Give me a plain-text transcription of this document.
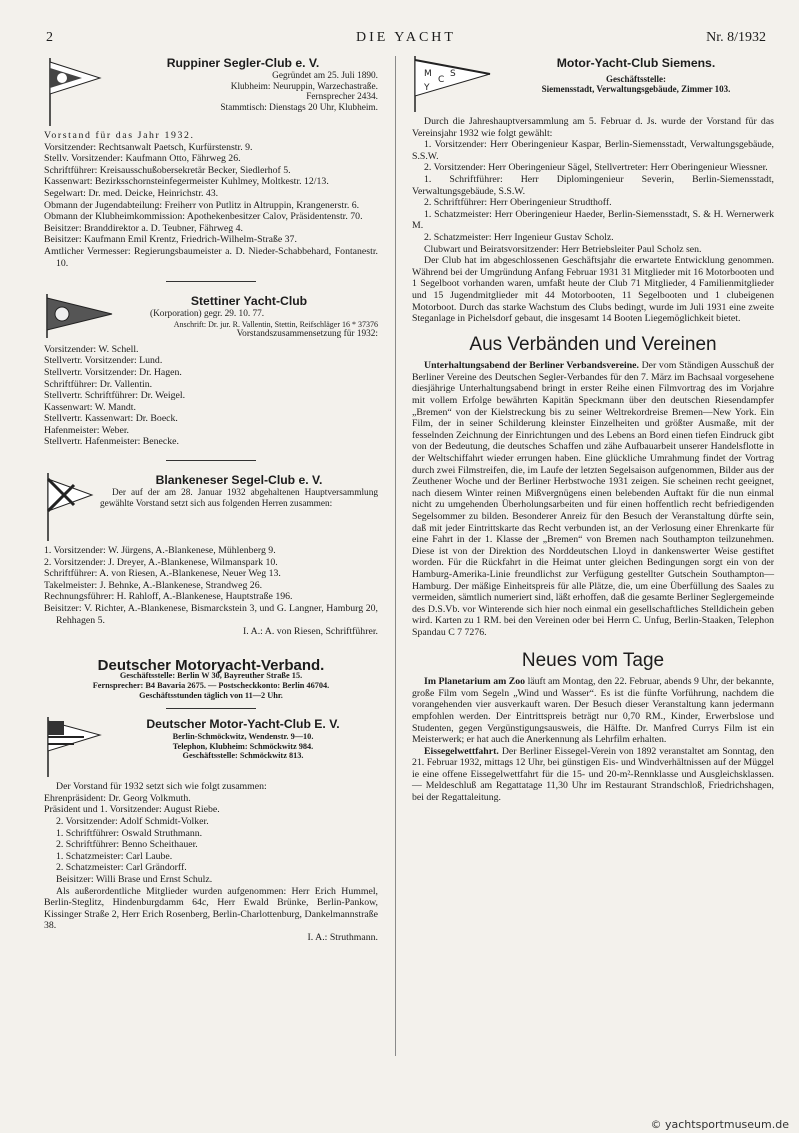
2	DIE YACHT	Nr. 8/1932
Ruppiner Segler-Club e. V.
Gegründet am 25. Juli 1890.
Klubheim: Neuruppin, Warzechastraße.
Fernsprecher 2434.
Stammtisch: Dienstags 20 Uhr, Klubheim.

Vorstand für das Jahr 1932.

Vorsitzender: Rechtsanwalt Paetsch, Kurfürstenstr. 9.

Stellv. Vorsitzender: Kaufmann Otto, Fährweg 26.

Schriftführer: Kreisausschußobersekretär Becker, Siedlerhof 5.

Kassenwart: Bezirksschornsteinfegermeister Kuhlmey, Moltkestr. 12/13.

Segelwart: Dr. med. Deicke, Heinrichstr. 43.

Obmann der Jugendabteilung: Freiherr von Putlitz in Altruppin, Krangenerstr. 6.

Obmann der Klubheimkommission: Apothekenbesitzer Calov, Präsidentenstr. 70.

Beisitzer: Branddirektor a. D. Teubner, Fährweg 4.

Beisitzer: Kaufmann Emil Krentz, Friedrich-Wilhelm-Straße 37.

Amtlicher Vermesser: Regierungsbaumeister a. D. Nieder-Schabbehard, Fontanestr. 10.

Stettiner Yacht-Club
(Korporation) gegr. 29. 10. 77.
Anschrift: Dr. jur. R. Vallentin, Stettin, Reifschläger 16 * 37376
Vorstandszusammensetzung für 1932:

Vorsitzender: W. Schell.

Stellvertr. Vorsitzender: Lund.

Stellvertr. Vorsitzender: Dr. Hagen.

Schriftführer: Dr. Vallentin.

Stellvertr. Schriftführer: Dr. Weigel.

Kassenwart: W. Mandt.

Stellvertr. Kassenwart: Dr. Boeck.

Hafenmeister: Weber.

Stellvertr. Hafenmeister: Benecke.

Blankeneser Segel-Club e. V.
Der auf der am 28. Januar 1932 abgehaltenen Hauptversammlung gewählte Vorstand setzt sich aus folgenden Herren zusammen:

1. Vorsitzender: W. Jürgens, A.-Blankenese, Mühlenberg 9.

2. Vorsitzender: J. Dreyer, A.-Blankenese, Wilmanspark 10.

Schriftführer: A. von Riesen, A.-Blankenese, Neuer Weg 13.

Takelmeister: J. Behnke, A.-Blankenese, Strandweg 26.

Rechnungsführer: H. Rahloff, A.-Blankenese, Hauptstraße 196.

Beisitzer: V. Richter, A.-Blankenese, Bismarckstein 3, und G. Langner, Hamburg 20, Rehhagen 5.

I. A.: A. von Riesen, Schriftführer.

Deutscher Motoryacht-Verband.
Geschäftsstelle: Berlin W 30, Bayreuther Straße 15.
Fernsprecher: B4 Bavaria 2675. — Postscheckkonto: Berlin 46704.
Geschäftsstunden täglich von 11—2 Uhr.
Deutscher Motor-Yacht-Club E. V.
Berlin-Schmöckwitz, Wendenstr. 9—10.
Telephon, Klubheim: Schmöckwitz 984.
Geschäftsstelle: Schmöckwitz 813.

Der Vorstand für 1932 setzt sich wie folgt zusammen:

Ehrenpräsident: Dr. Georg Volkmuth.

Präsident und 1. Vorsitzender: August Riebe.

2. Vorsitzender: Adolf Schmidt-Volker.

1. Schriftführer: Oswald Struthmann.

2. Schriftführer: Benno Scheithauer.

1. Schatzmeister: Carl Laube.

2. Schatzmeister: Carl Grändorff.

Beisitzer: Willi Brase und Ernst Schulz.

Als außerordentliche Mitglieder wurden aufgenommen: Herr Erich Hummel, Berlin-Steglitz, Hindenburgdamm 64c, Herr Ewald Brünke, Berlin-Pankow, Kissinger Straße 2, Herr Erich Rosenberg, Berlin-Charlottenburg, Dankelmannstraße 38.

I. A.: Struthmann.

M
C
Y
S
Motor-Yacht-Club Siemens.
Geschäftsstelle:
Siemensstadt, Verwaltungsgebäude, Zimmer 103.

Durch die Jahreshauptversammlung am 5. Februar d. Js. wurde der Vorstand für das Vereinsjahr 1932 wie folgt gewählt:

1. Vorsitzender: Herr Oberingenieur Kaspar, Berlin-Siemensstadt, Verwaltungsgebäude, S.S.W.

2. Vorsitzender: Herr Oberingenieur Sägel, Stellvertreter: Herr Oberingenieur Wiessner.

1. Schriftführer: Herr Diplomingenieur Severin, Berlin-Siemensstadt, Verwaltungsgebäude, S.S.W.

2. Schriftführer: Herr Oberingenieur Strudthoff.

1. Schatzmeister: Herr Oberingenieur Haeder, Berlin-Siemensstadt, S. & H. Wernerwerk M.

2. Schatzmeister: Herr Ingenieur Gustav Scholz.

Clubwart und Beiratsvorsitzender: Herr Betriebsleiter Paul Scholz sen.

Der Club hat im abgeschlossenen Geschäftsjahr die erwartete Entwicklung genommen. Während bei der Umgründung Anfang Februar 1931 31 Mitglieder mit 16 Motorbooten und 1 Segelboot vorhanden waren, umfaßt heute der Club 71 Mitglieder, 4 Familienmitglieder und 15 Jugendmitglieder mit 44 Motorbooten, 11 Segelbooten und 1 clubeigenen Motorboot. Durch das starke Wachstum des Clubs bedingt, wurde im Juli 1931 eine zweite Steganlage in Pichelsdorf gebaut, die insgesamt 14 Booten Liegemöglichkeit bietet.

Aus Verbänden und Vereinen

Unterhaltungsabend der Berliner Verbandsvereine. Der vom Ständigen Ausschuß der Berliner Vereine des Deutschen Segler-Verbandes für den 7. März im Bachsaal vorgesehene diesjährige Unterhaltungsabend bringt in erster Reihe einen Filmvortrag des im Vorjahre mit vollem Erfolge bewährten Kapitän Speckmann über den deutschen Riesendampfer „Bremen“ von der Kielstreckung bis zu seiner Weltrekordreise Bremen—New York. Ein Film, der in seiner Schilderung kleinster Einzelheiten und größter Ausmaße, mit der fesselnden Zeichnung der Einrichtungen und des Lebens an Bord einen tiefen Eindruck gibt von der Bedeutung, die deutsches Schaffen und zähe Aufbauarbeit unserer Handelsflotte in der Weltschiffahrt wieder errungen haben. Eine glückliche Umrahmung findet der Vortrag durch zwei Filmstreifen, die, im Laufe der letzten Segelsaison aufgenommen, Bilder aus der Zeuthener Woche und der Berliner Herbstwoche 1931 zeigen. Sie scheinen recht geeignet, nach diesem Winter reinen Mißvergnügens einen belebenden Auftakt für die nun einmal nicht zu umgehenden Überholungsarbeiten und für einen hoffentlich recht befriedigenden Segelsommer zu bilden. Besonderer Anreiz für den Besuch der Veranstaltung dürfte sein, daß mit jeder Eintrittskarte das Recht verbunden ist, an der Verlosung einer Ehrenkarte für eine Fahrt in der 1. Klasse der „Bremen“ von Bremen nach Southampton teilzunehmen. Diese ist von der Direktion des Norddeutschen Lloyd in dankenswerter Weise gestiftet worden. Für die Rückfahrt in die Heimat unter gleichen Bedingungen sorgt ein von der Hamburg-Amerika-Linie freundlichst zur Verfügung gestellter Gutschein Southampton—Hamburg. Der mäßige Einheitspreis für alle Plätze, die, um eine Überfüllung des Saales zu vermeiden, sämtlich numeriert sind, läßt erhoffen, daß die gesamte Berliner Seglergemeinde des D.S.Vb. vor Winterende sich hier noch einmal ein gesellschaftliches Stelldichein geben wird. Karten zu 1 RM. bei den Vereinen oder bei Herrn C. Unfug, Berlin-Staaken, Telephon Spandau C 7 7276.

Neues vom Tage

Im Planetarium am Zoo läuft am Montag, den 22. Februar, abends 9 Uhr, der bekannte, große Film vom Segeln „Wind und Wasser“. Es ist die fünfte Vorführung, nachdem die vorangehenden vier ausverkauft waren. Der Besuch dieser Veranstaltung kann jedermann empfohlen werden. Der Eintrittspreis beträgt nur 0,70 RM., Kinder, Erwerbslose und Studenten, gegen Vergünstigungsausweis, die Hälfte. Dr. Manfred Currys Film ist ein Meisterwerk; er hat auch die Anerkennung als Lehrfilm erhalten.

Eissegelwettfahrt. Der Berliner Eissegel-Verein von 1892 veranstaltet am Sonntag, den 21. Februar 1932, mittags 12 Uhr, bei günstigen Eis- und Windverhältnissen auf der Müggel ie eine offene Eissegelwettfahrt für die 15- und 20-m²-Rennklasse und Ausgleichsklassen. — Meldeschluß am Regattatage 11,30 Uhr im Restaurant Strandschloß, Friedrichshagen, bei der Regattaleitung.

© yachtsportmuseum.de
